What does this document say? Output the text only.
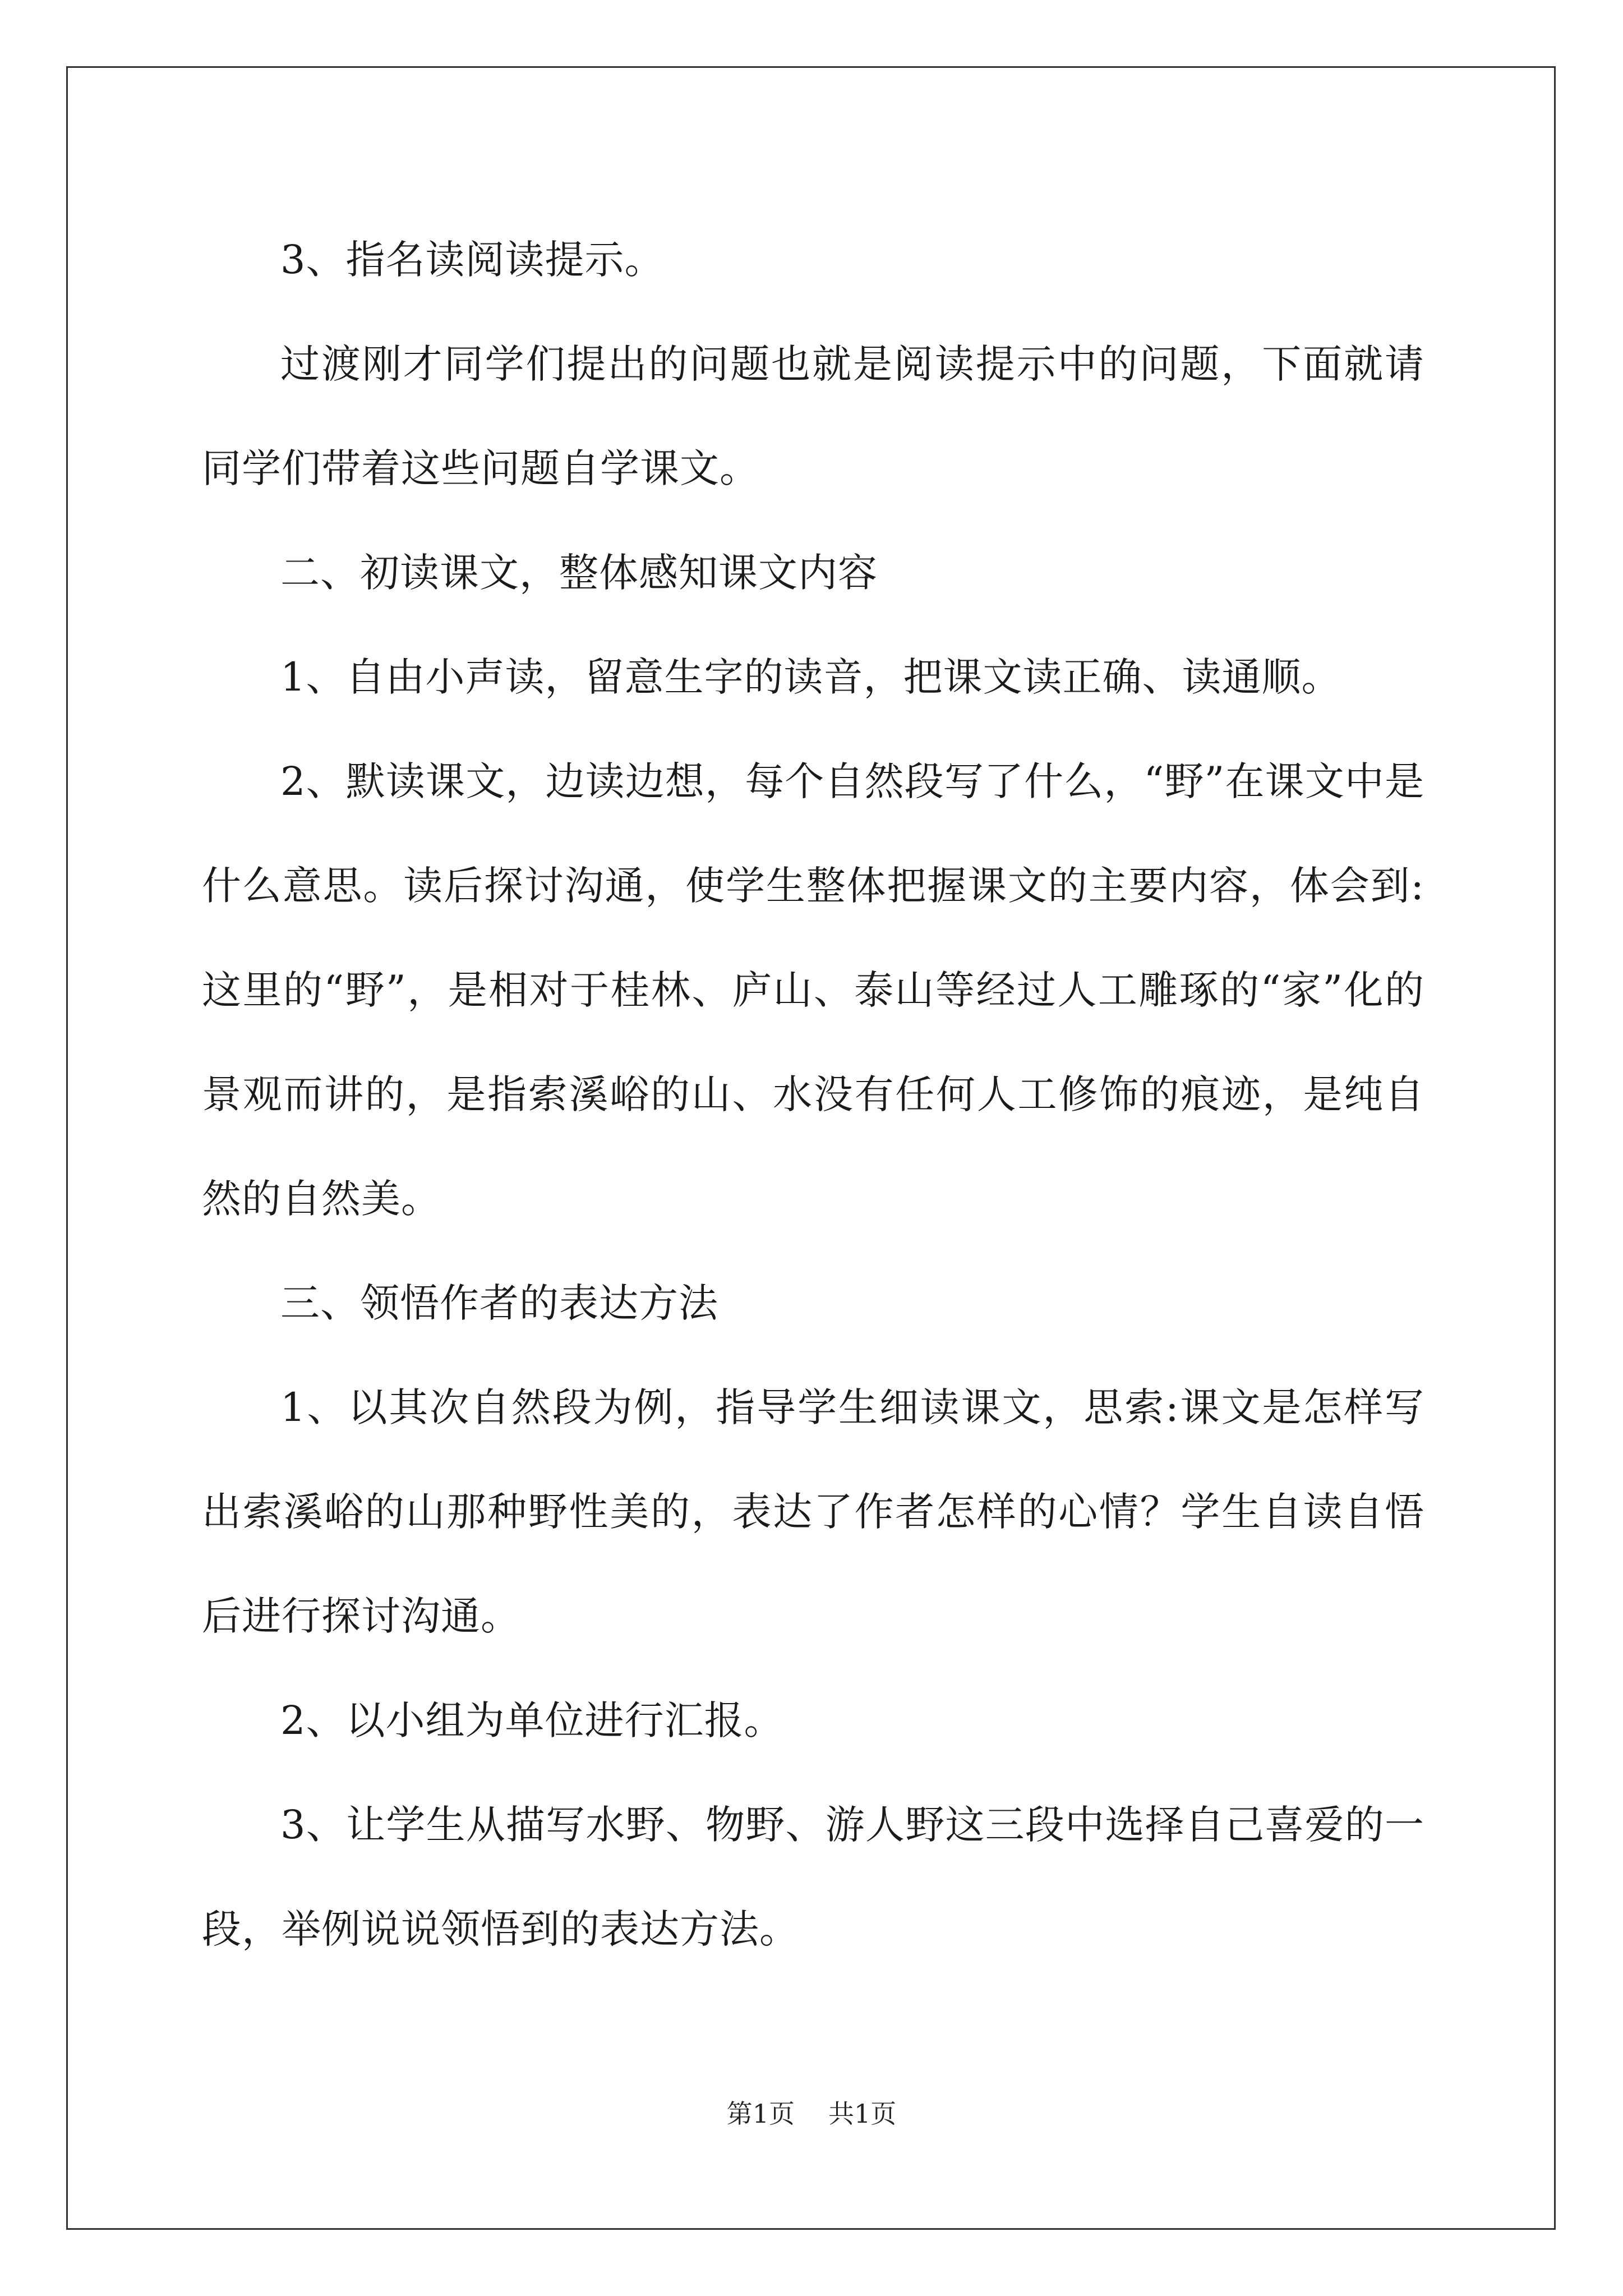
3、指名读阅读提示。

过渡刚才同学们提出的问题也就是阅读提示中的问题，下面就请同学们带着这些问题自学课文。

二、初读课文，整体感知课文内容

1、自由小声读，留意生字的读音，把课文读正确、读通顺。

2、默读课文，边读边想，每个自然段写了什么，“野”在课文中是什么意思。读后探讨沟通，使学生整体把握课文的主要内容，体会到:这里的“野”，是相对于桂林、庐山、泰山等经过人工雕琢的“家”化的景观而讲的，是指索溪峪的山、水没有任何人工修饰的痕迹，是纯自然的自然美。

三、领悟作者的表达方法

1、以其次自然段为例，指导学生细读课文，思索:课文是怎样写出索溪峪的山那种野性美的，表达了作者怎样的心情？学生自读自悟后进行探讨沟通。

2、以小组为单位进行汇报。

3、让学生从描写水野、物野、游人野这三段中选择自己喜爱的一段，举例说说领悟到的表达方法。

第1页 共1页
